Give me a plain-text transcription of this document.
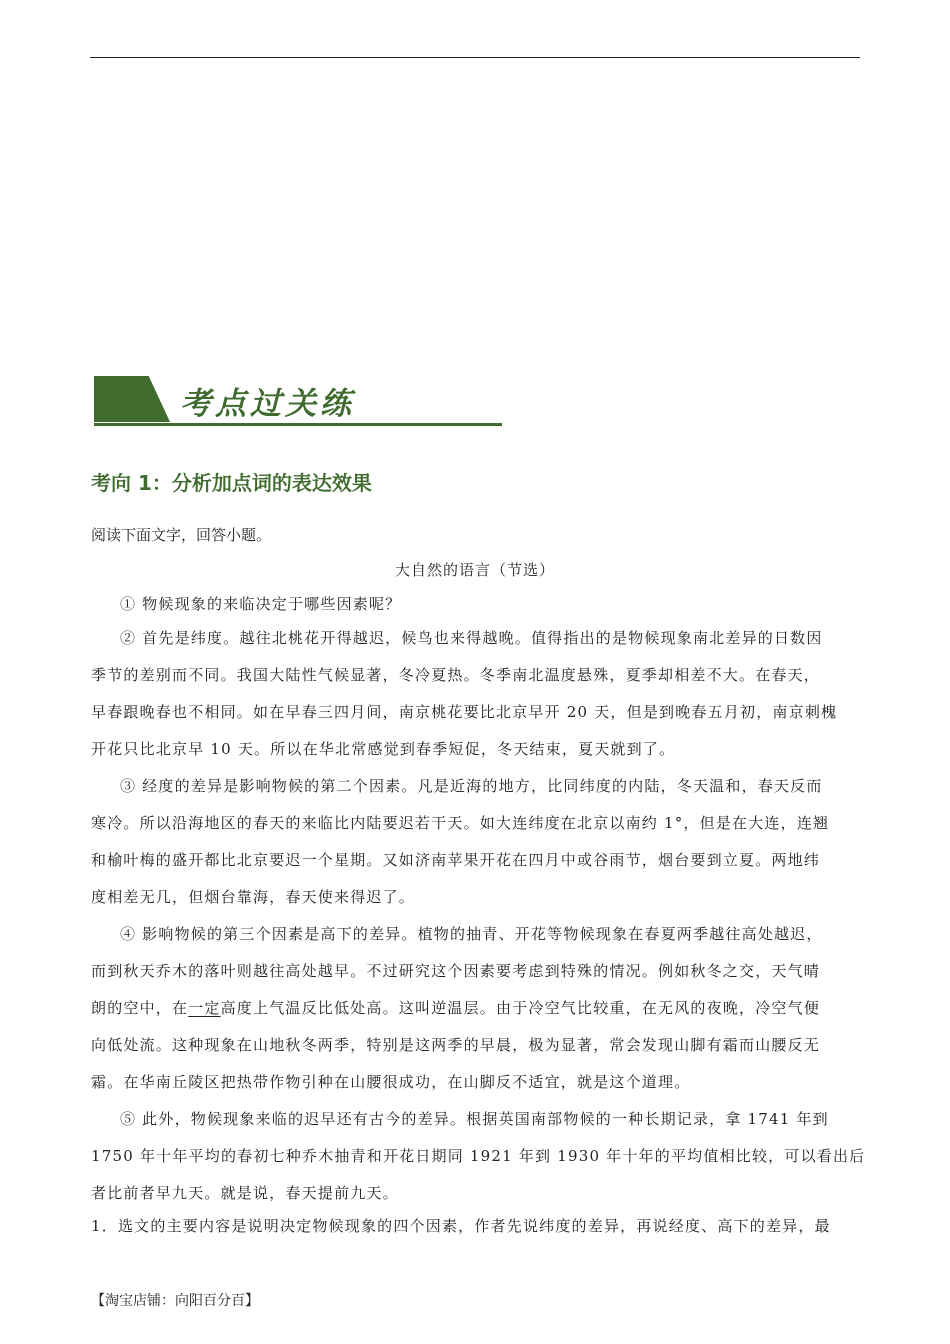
考点过关练
考向 1：分析加点词的表达效果
阅读下面文字，回答小题。
大自然的语言（节选）
① 物候现象的来临决定于哪些因素呢？
② 首先是纬度。越往北桃花开得越迟，候鸟也来得越晚。值得指出的是物候现象南北差异的日数因
季节的差别而不同。我国大陆性气候显著，冬冷夏热。冬季南北温度悬殊，夏季却相差不大。在春天，
早春跟晚春也不相同。如在早春三四月间，南京桃花要比北京早开 20 天，但是到晚春五月初，南京刺槐
开花只比北京早 10 天。所以在华北常感觉到春季短促，冬天结束，夏天就到了。
③ 经度的差异是影响物候的第二个因素。凡是近海的地方，比同纬度的内陆，冬天温和，春天反而
寒冷。所以沿海地区的春天的来临比内陆要迟若干天。如大连纬度在北京以南约 1°，但是在大连，连翘
和榆叶梅的盛开都比北京要迟一个星期。又如济南苹果开花在四月中或谷雨节，烟台要到立夏。两地纬
度相差无几，但烟台靠海，春天使来得迟了。
④ 影响物候的第三个因素是高下的差异。植物的抽青、开花等物候现象在春夏两季越往高处越迟，
而到秋天乔木的落叶则越往高处越早。不过研究这个因素要考虑到特殊的情况。例如秋冬之交，天气晴
朗的空中，在一定高度上气温反比低处高。这叫逆温层。由于冷空气比较重，在无风的夜晚，冷空气便
向低处流。这种现象在山地秋冬两季，特别是这两季的早晨，极为显著，常会发现山脚有霜而山腰反无
霜。在华南丘陵区把热带作物引种在山腰很成功，在山脚反不适宜，就是这个道理。
⑤ 此外，物候现象来临的迟早还有古今的差异。根据英国南部物候的一种长期记录，拿 1741 年到
1750 年十年平均的春初七种乔木抽青和开花日期同 1921 年到 1930 年十年的平均值相比较，可以看出后
者比前者早九天。就是说，春天提前九天。
1．选文的主要内容是说明决定物候现象的四个因素，作者先说纬度的差异，再说经度、高下的差异，最
【淘宝店铺：向阳百分百】
